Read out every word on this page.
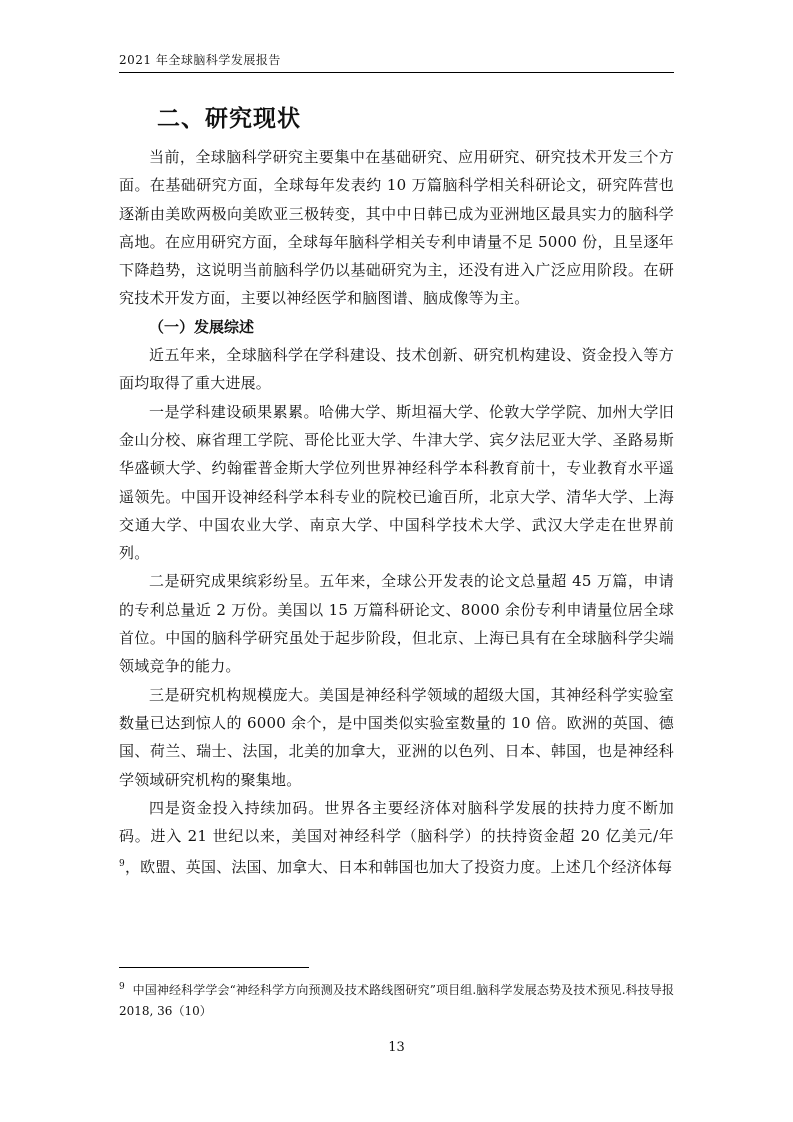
2021 年全球脑科学发展报告
二、研究现状

当前，全球脑科学研究主要集中在基础研究、应用研究、研究技术开发三个方面。在基础研究方面，全球每年发表约 10 万篇脑科学相关科研论文，研究阵营也逐渐由美欧两极向美欧亚三极转变，其中中日韩已成为亚洲地区最具实力的脑科学高地。在应用研究方面，全球每年脑科学相关专利申请量不足 5000 份，且呈逐年下降趋势，这说明当前脑科学仍以基础研究为主，还没有进入广泛应用阶段。在研究技术开发方面，主要以神经医学和脑图谱、脑成像等为主。

（一）发展综述

近五年来，全球脑科学在学科建设、技术创新、研究机构建设、资金投入等方面均取得了重大进展。

一是学科建设硕果累累。哈佛大学、斯坦福大学、伦敦大学学院、加州大学旧金山分校、麻省理工学院、哥伦比亚大学、牛津大学、宾夕法尼亚大学、圣路易斯华盛顿大学、约翰霍普金斯大学位列世界神经科学本科教育前十，专业教育水平遥遥领先。中国开设神经科学本科专业的院校已逾百所，北京大学、清华大学、上海交通大学、中国农业大学、南京大学、中国科学技术大学、武汉大学走在世界前列。

二是研究成果缤彩纷呈。五年来，全球公开发表的论文总量超 45 万篇，申请的专利总量近 2 万份。美国以 15 万篇科研论文、8000 余份专利申请量位居全球首位。中国的脑科学研究虽处于起步阶段，但北京、上海已具有在全球脑科学尖端领域竞争的能力。

三是研究机构规模庞大。美国是神经科学领域的超级大国，其神经科学实验室数量已达到惊人的 6000 余个，是中国类似实验室数量的 10 倍。欧洲的英国、德国、荷兰、瑞士、法国，北美的加拿大，亚洲的以色列、日本、韩国，也是神经科学领域研究机构的聚集地。

四是资金投入持续加码。世界各主要经济体对脑科学发展的扶持力度不断加码。进入 21 世纪以来，美国对神经科学（脑科学）的扶持资金超 20 亿美元/年$^9$，欧盟、英国、法国、加拿大、日本和韩国也加大了投资力度。上述几个经济体每

$^9$ 中国神经科学学会“神经科学方向预测及技术路线图研究”项目组.脑科学发展态势及技术预见.科技导报 2018, 36（10）
13
